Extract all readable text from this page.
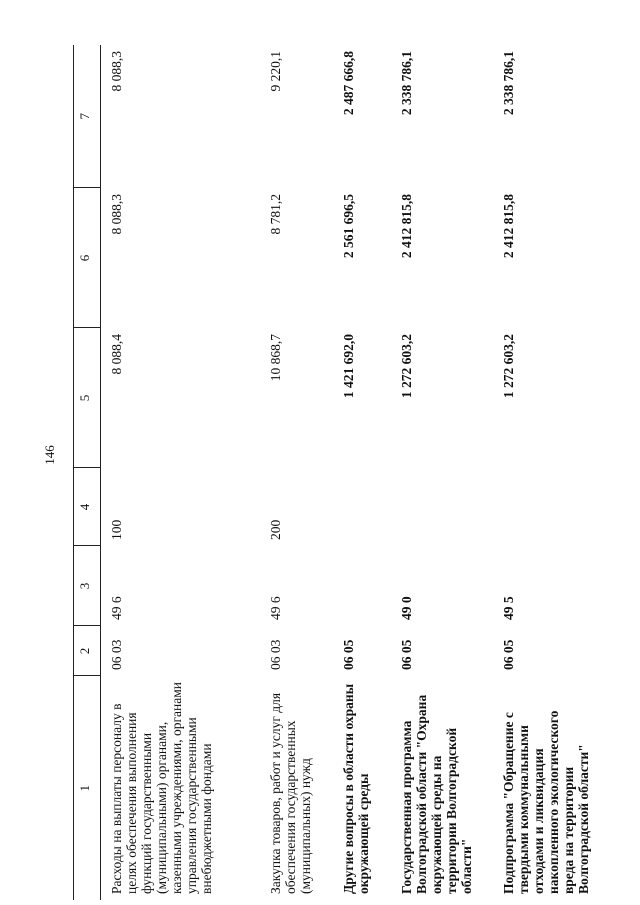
146
1	2	3	4	5	6	7
Расходы на выплаты персоналу в целях обеспечения выполнения функций государственными (муниципальными) органами, казенными учреждениями, органами управления государственными внебюджетными фондами	06 03	49 6	100	8 088,4	8 088,3	8 088,3
Закупка товаров, работ и услуг для обеспечения государственных (муниципальных) нужд	06 03	49 6	200	10 868,7	8 781,2	9 220,1
Другие вопросы в области охраны окружающей среды	06 05			1 421 692,0	2 561 696,5	2 487 666,8
Государственная программа Волгоградской области "Охрана окружающей среды на территории Волгоградской области"	06 05	49 0		1 272 603,2	2 412 815,8	2 338 786,1
Подпрограмма "Обращение с твердыми коммунальными отходами и ликвидация накопленного экологического вреда на территории Волгоградской области"	06 05	49 5		1 272 603,2	2 412 815,8	2 338 786,1
